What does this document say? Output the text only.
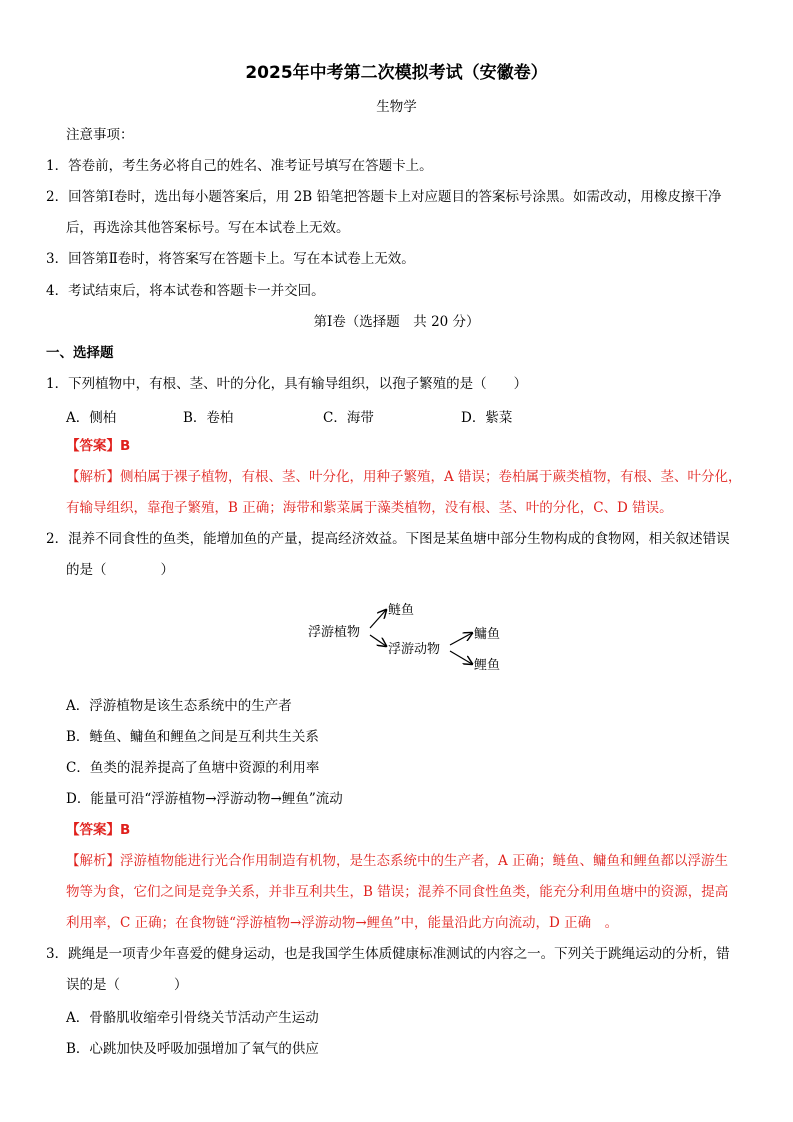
2025年中考第二次模拟考试（安徽卷）
生物学
注意事项：
1．答卷前，考生务必将自己的姓名、准考证号填写在答题卡上。
2．回答第Ⅰ卷时，选出每小题答案后，用 2B 铅笔把答题卡上对应题目的答案标号涂黑。如需改动，用橡皮擦干净
后，再选涂其他答案标号。写在本试卷上无效。
3．回答第Ⅱ卷时，将答案写在答题卡上。写在本试卷上无效。
4．考试结束后，将本试卷和答题卡一并交回。
第Ⅰ卷（选择题　共 20 分）
一、选择题
1．下列植物中，有根、茎、叶的分化，具有输导组织，以孢子繁殖的是（　　）
A．侧柏	B．卷柏	C．海带	D．紫菜
【答案】B
【解析】侧柏属于裸子植物，有根、茎、叶分化，用种子繁殖，A 错误；卷柏属于蕨类植物，有根、茎、叶分化，
有输导组织，靠孢子繁殖，B 正确；海带和紫菜属于藻类植物，没有根、茎、叶的分化，C、D 错误。
2．混养不同食性的鱼类，能增加鱼的产量，提高经济效益。下图是某鱼塘中部分生物构成的食物网，相关叙述错误
的是（　　　　）
浮游植物
鲢鱼
浮游动物
鳙鱼
鲤鱼
A．浮游植物是该生态系统中的生产者
B．鲢鱼、鳙鱼和鲤鱼之间是互利共生关系
C．鱼类的混养提高了鱼塘中资源的利用率
D．能量可沿“浮游植物→浮游动物→鲤鱼”流动
【答案】B
【解析】浮游植物能进行光合作用制造有机物，是生态系统中的生产者，A 正确；鲢鱼、鳙鱼和鲤鱼都以浮游生
物等为食，它们之间是竞争关系，并非互利共生，B 错误；混养不同食性鱼类，能充分利用鱼塘中的资源，提高
利用率，C 正确；在食物链“浮游植物→浮游动物→鲤鱼”中，能量沿此方向流动，D 正确　。
3．跳绳是一项青少年喜爱的健身运动，也是我国学生体质健康标准测试的内容之一。下列关于跳绳运动的分析，错
误的是（　　　　）
A．骨骼肌收缩牵引骨绕关节活动产生运动
B．心跳加快及呼吸加强增加了氧气的供应
